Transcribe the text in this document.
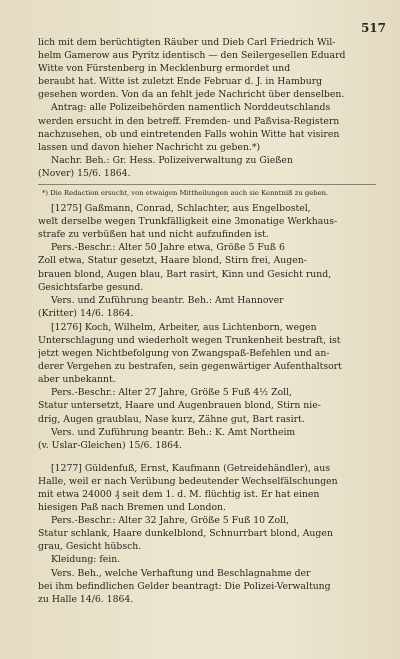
517
lich mit dem berüchtigten Räuber und Dieb Carl Friedrich Wil-
helm Gamerow aus Pyritz identisch — den Seilergesellen Eduard
Witte von Fürstenberg in Mecklenburg ermordet und
beraubt hat. Witte ist zuletzt Ende Februar d. J. in Hamburg
gesehen worden. Von da an fehlt jede Nachricht über denselben.
Antrag: alle Polizeibehörden namentlich Norddeutschlands
werden ersucht in den betreff. Fremden- und Paßvisa-Registern
nachzusehen, ob und eintretenden Falls wohin Witte hat visiren
lassen und davon hieher Nachricht zu geben.*)
Nachr. Beh.: Gr. Hess. Polizeiverwaltung zu Gießen
(Nover) 15/6. 1864.
*) Die Redaction ersucht, von etwaigen Mittheilungen auch sie Kenntniß zu geben.
[1275] Gaßmann, Conrad, Schlachter, aus Engelbostel,
welt derselbe wegen Trunkfälligkeit eine 3monatige Werkhaus-
strafe zu verbüßen hat und nicht aufzufinden ist.
Pers.-Beschr.: Alter 50 Jahre etwa, Größe 5 Fuß 6
Zoll etwa, Statur gesetzt, Haare blond, Stirn frei, Augen-
brauen blond, Augen blau, Bart rasirt, Kinn und Gesicht rund,
Gesichtsfarbe gesund.
Vers. und Zuführung beantr. Beh.: Amt Hannover
(Kritter) 14/6. 1864.
[1276] Koch, Wilhelm, Arbeiter, aus Lichtenborn, wegen
Unterschlagung und wiederholt wegen Trunkenheit bestraft, ist
jetzt wegen Nichtbefolgung von Zwangspaß-Befehlen und an-
derer Vergehen zu bestrafen, sein gegenwärtiger Aufenthaltsort
aber unbekannt.
Pers.-Beschr.: Alter 27 Jahre, Größe 5 Fuß 4½ Zoll,
Statur untersetzt, Haare und Augenbrauen blond, Stirn nie-
drig, Augen graublau, Nase kurz, Zähne gut, Bart rasirt.
Vers. und Zuführung beantr. Beh.: K. Amt Northeim
(v. Uslar-Gleichen) 15/6. 1864.
[1277] Güldenfuß, Ernst, Kaufmann (Getreidehändler), aus
Halle, weil er nach Verübung bedeutender Wechselfälschungen
mit etwa 24000 ₰ seit dem 1. d. M. flüchtig ist. Er hat einen
hiesigen Paß nach Bremen und London.
Pers.-Beschr.: Alter 32 Jahre, Größe 5 Fuß 10 Zoll,
Statur schlank, Haare dunkelblond, Schnurrbart blond, Augen
grau, Gesicht hübsch.
Kleidung: fein.
Vers. Beh., welche Verhaftung und Beschlagnahme der
bei ihm befindlichen Gelder beantragt: Die Polizei-Verwaltung
zu Halle 14/6. 1864.
